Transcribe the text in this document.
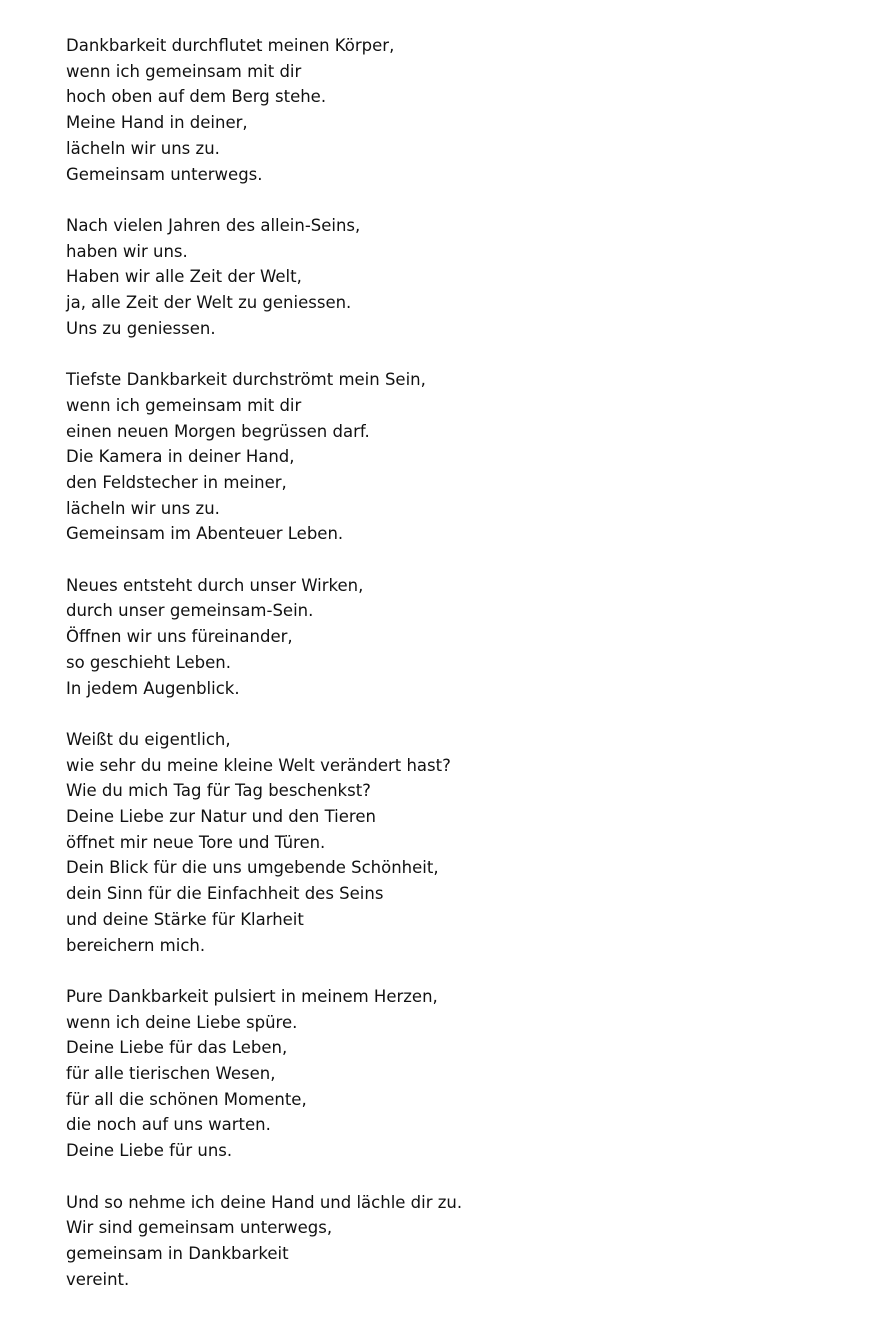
Dankbarkeit durchflutet meinen Körper,
wenn ich gemeinsam mit dir
hoch oben auf dem Berg stehe.
Meine Hand in deiner,
lächeln wir uns zu.
Gemeinsam unterwegs.
Nach vielen Jahren des allein-Seins,
haben wir uns.
Haben wir alle Zeit der Welt,
ja, alle Zeit der Welt zu geniessen.
Uns zu geniessen.
Tiefste Dankbarkeit durchströmt mein Sein,
wenn ich gemeinsam mit dir
einen neuen Morgen begrüssen darf.
Die Kamera in deiner Hand,
den Feldstecher in meiner,
lächeln wir uns zu.
Gemeinsam im Abenteuer Leben.
Neues entsteht durch unser Wirken,
durch unser gemeinsam-Sein.
Öffnen wir uns füreinander,
so geschieht Leben.
In jedem Augenblick.
Weißt du eigentlich,
wie sehr du meine kleine Welt verändert hast?
Wie du mich Tag für Tag beschenkst?
Deine Liebe zur Natur und den Tieren
öffnet mir neue Tore und Türen.
Dein Blick für die uns umgebende Schönheit,
dein Sinn für die Einfachheit des Seins
und deine Stärke für Klarheit
bereichern mich.
Pure Dankbarkeit pulsiert in meinem Herzen,
wenn ich deine Liebe spüre.
Deine Liebe für das Leben,
für alle tierischen Wesen,
für all die schönen Momente,
die noch auf uns warten.
Deine Liebe für uns.
Und so nehme ich deine Hand und lächle dir zu.
Wir sind gemeinsam unterwegs,
gemeinsam in Dankbarkeit
vereint.
